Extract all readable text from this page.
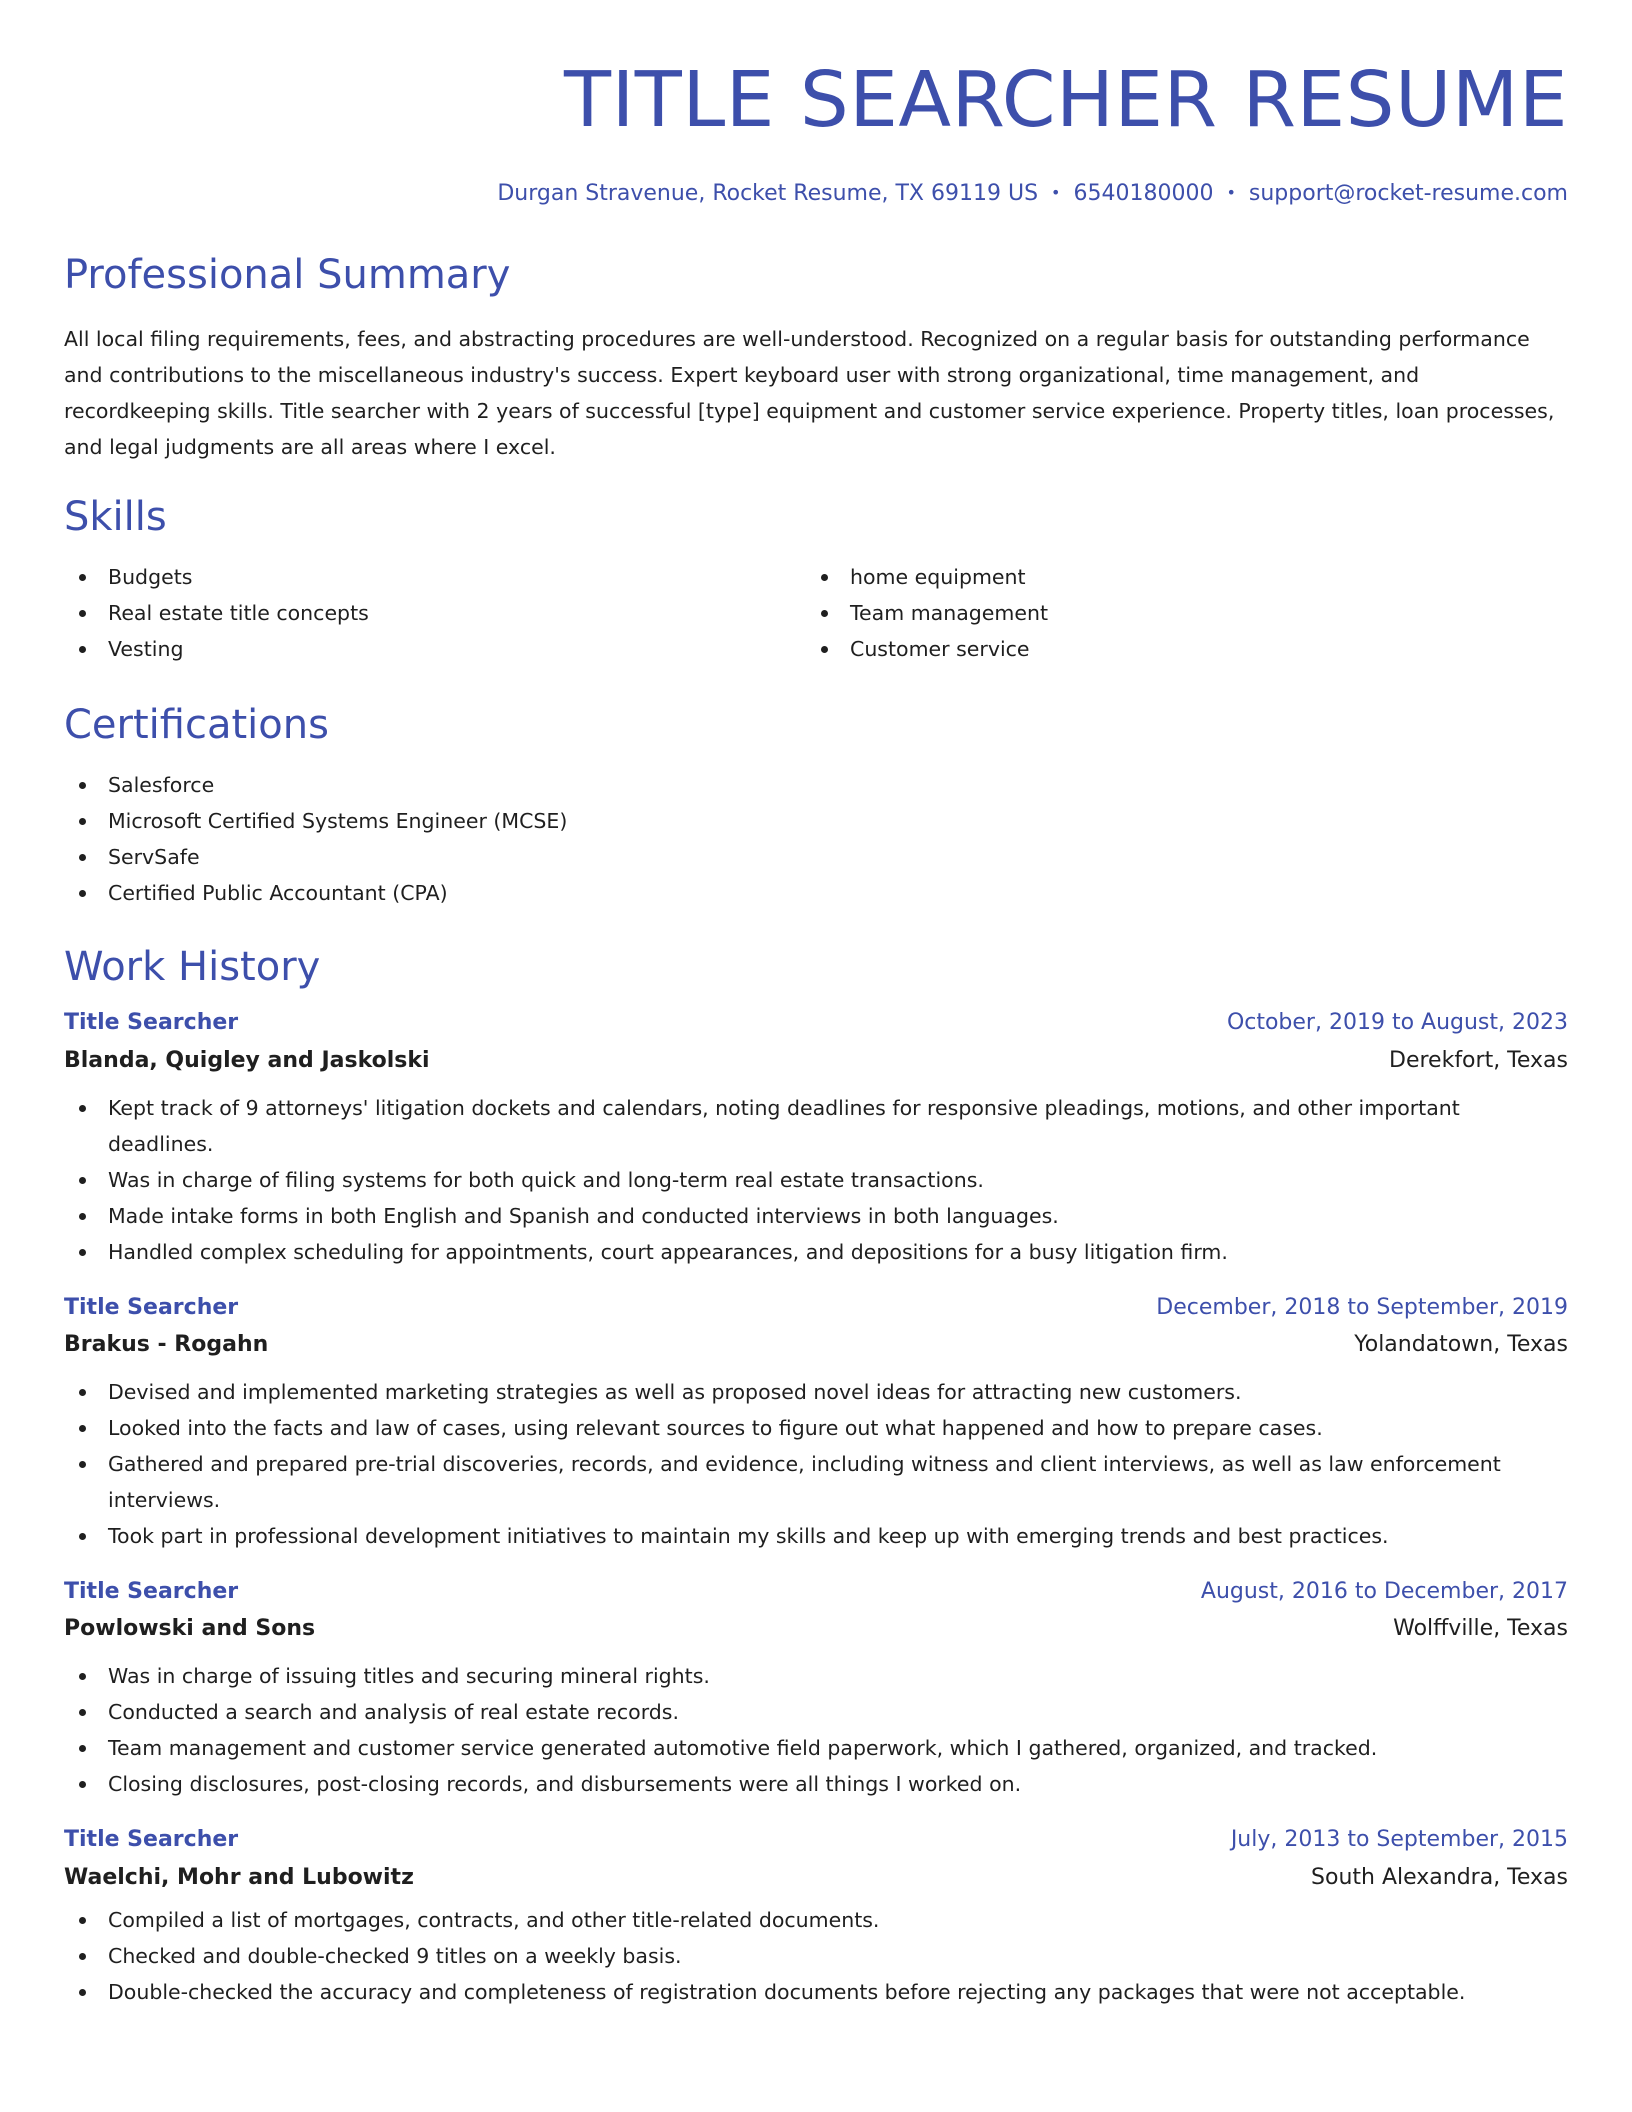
TITLE SEARCHER RESUME
Durgan Stravenue, Rocket Resume, TX 69119 US • 6540180000 • support@rocket-resume.com
Professional Summary

All local filing requirements, fees, and abstracting procedures are well-understood. Recognized on a regular basis for outstanding performance and contributions to the miscellaneous industry's success. Expert keyboard user with strong organizational, time management, and recordkeeping skills. Title searcher with 2 years of successful [type] equipment and customer service experience. Property titles, loan processes, and legal judgments are all areas where I excel.

Skills
Budgets
Real estate title concepts
Vesting
home equipment
Team management
Customer service
Certifications
Salesforce
Microsoft Certified Systems Engineer (MCSE)
ServSafe
Certified Public Accountant (CPA)
Work History
Title Searcher	October, 2019 to August, 2023
Blanda, Quigley and Jaskolski	Derekfort, Texas
Kept track of 9 attorneys' litigation dockets and calendars, noting deadlines for responsive pleadings, motions, and other important deadlines.
Was in charge of filing systems for both quick and long-term real estate transactions.
Made intake forms in both English and Spanish and conducted interviews in both languages.
Handled complex scheduling for appointments, court appearances, and depositions for a busy litigation firm.
Title Searcher	December, 2018 to September, 2019
Brakus - Rogahn	Yolandatown, Texas
Devised and implemented marketing strategies as well as proposed novel ideas for attracting new customers.
Looked into the facts and law of cases, using relevant sources to figure out what happened and how to prepare cases.
Gathered and prepared pre-trial discoveries, records, and evidence, including witness and client interviews, as well as law enforcement interviews.
Took part in professional development initiatives to maintain my skills and keep up with emerging trends and best practices.
Title Searcher	August, 2016 to December, 2017
Powlowski and Sons	Wolffville, Texas
Was in charge of issuing titles and securing mineral rights.
Conducted a search and analysis of real estate records.
Team management and customer service generated automotive field paperwork, which I gathered, organized, and tracked.
Closing disclosures, post-closing records, and disbursements were all things I worked on.
Title Searcher	July, 2013 to September, 2015
Waelchi, Mohr and Lubowitz	South Alexandra, Texas
Compiled a list of mortgages, contracts, and other title-related documents.
Checked and double-checked 9 titles on a weekly basis.
Double-checked the accuracy and completeness of registration documents before rejecting any packages that were not acceptable.
